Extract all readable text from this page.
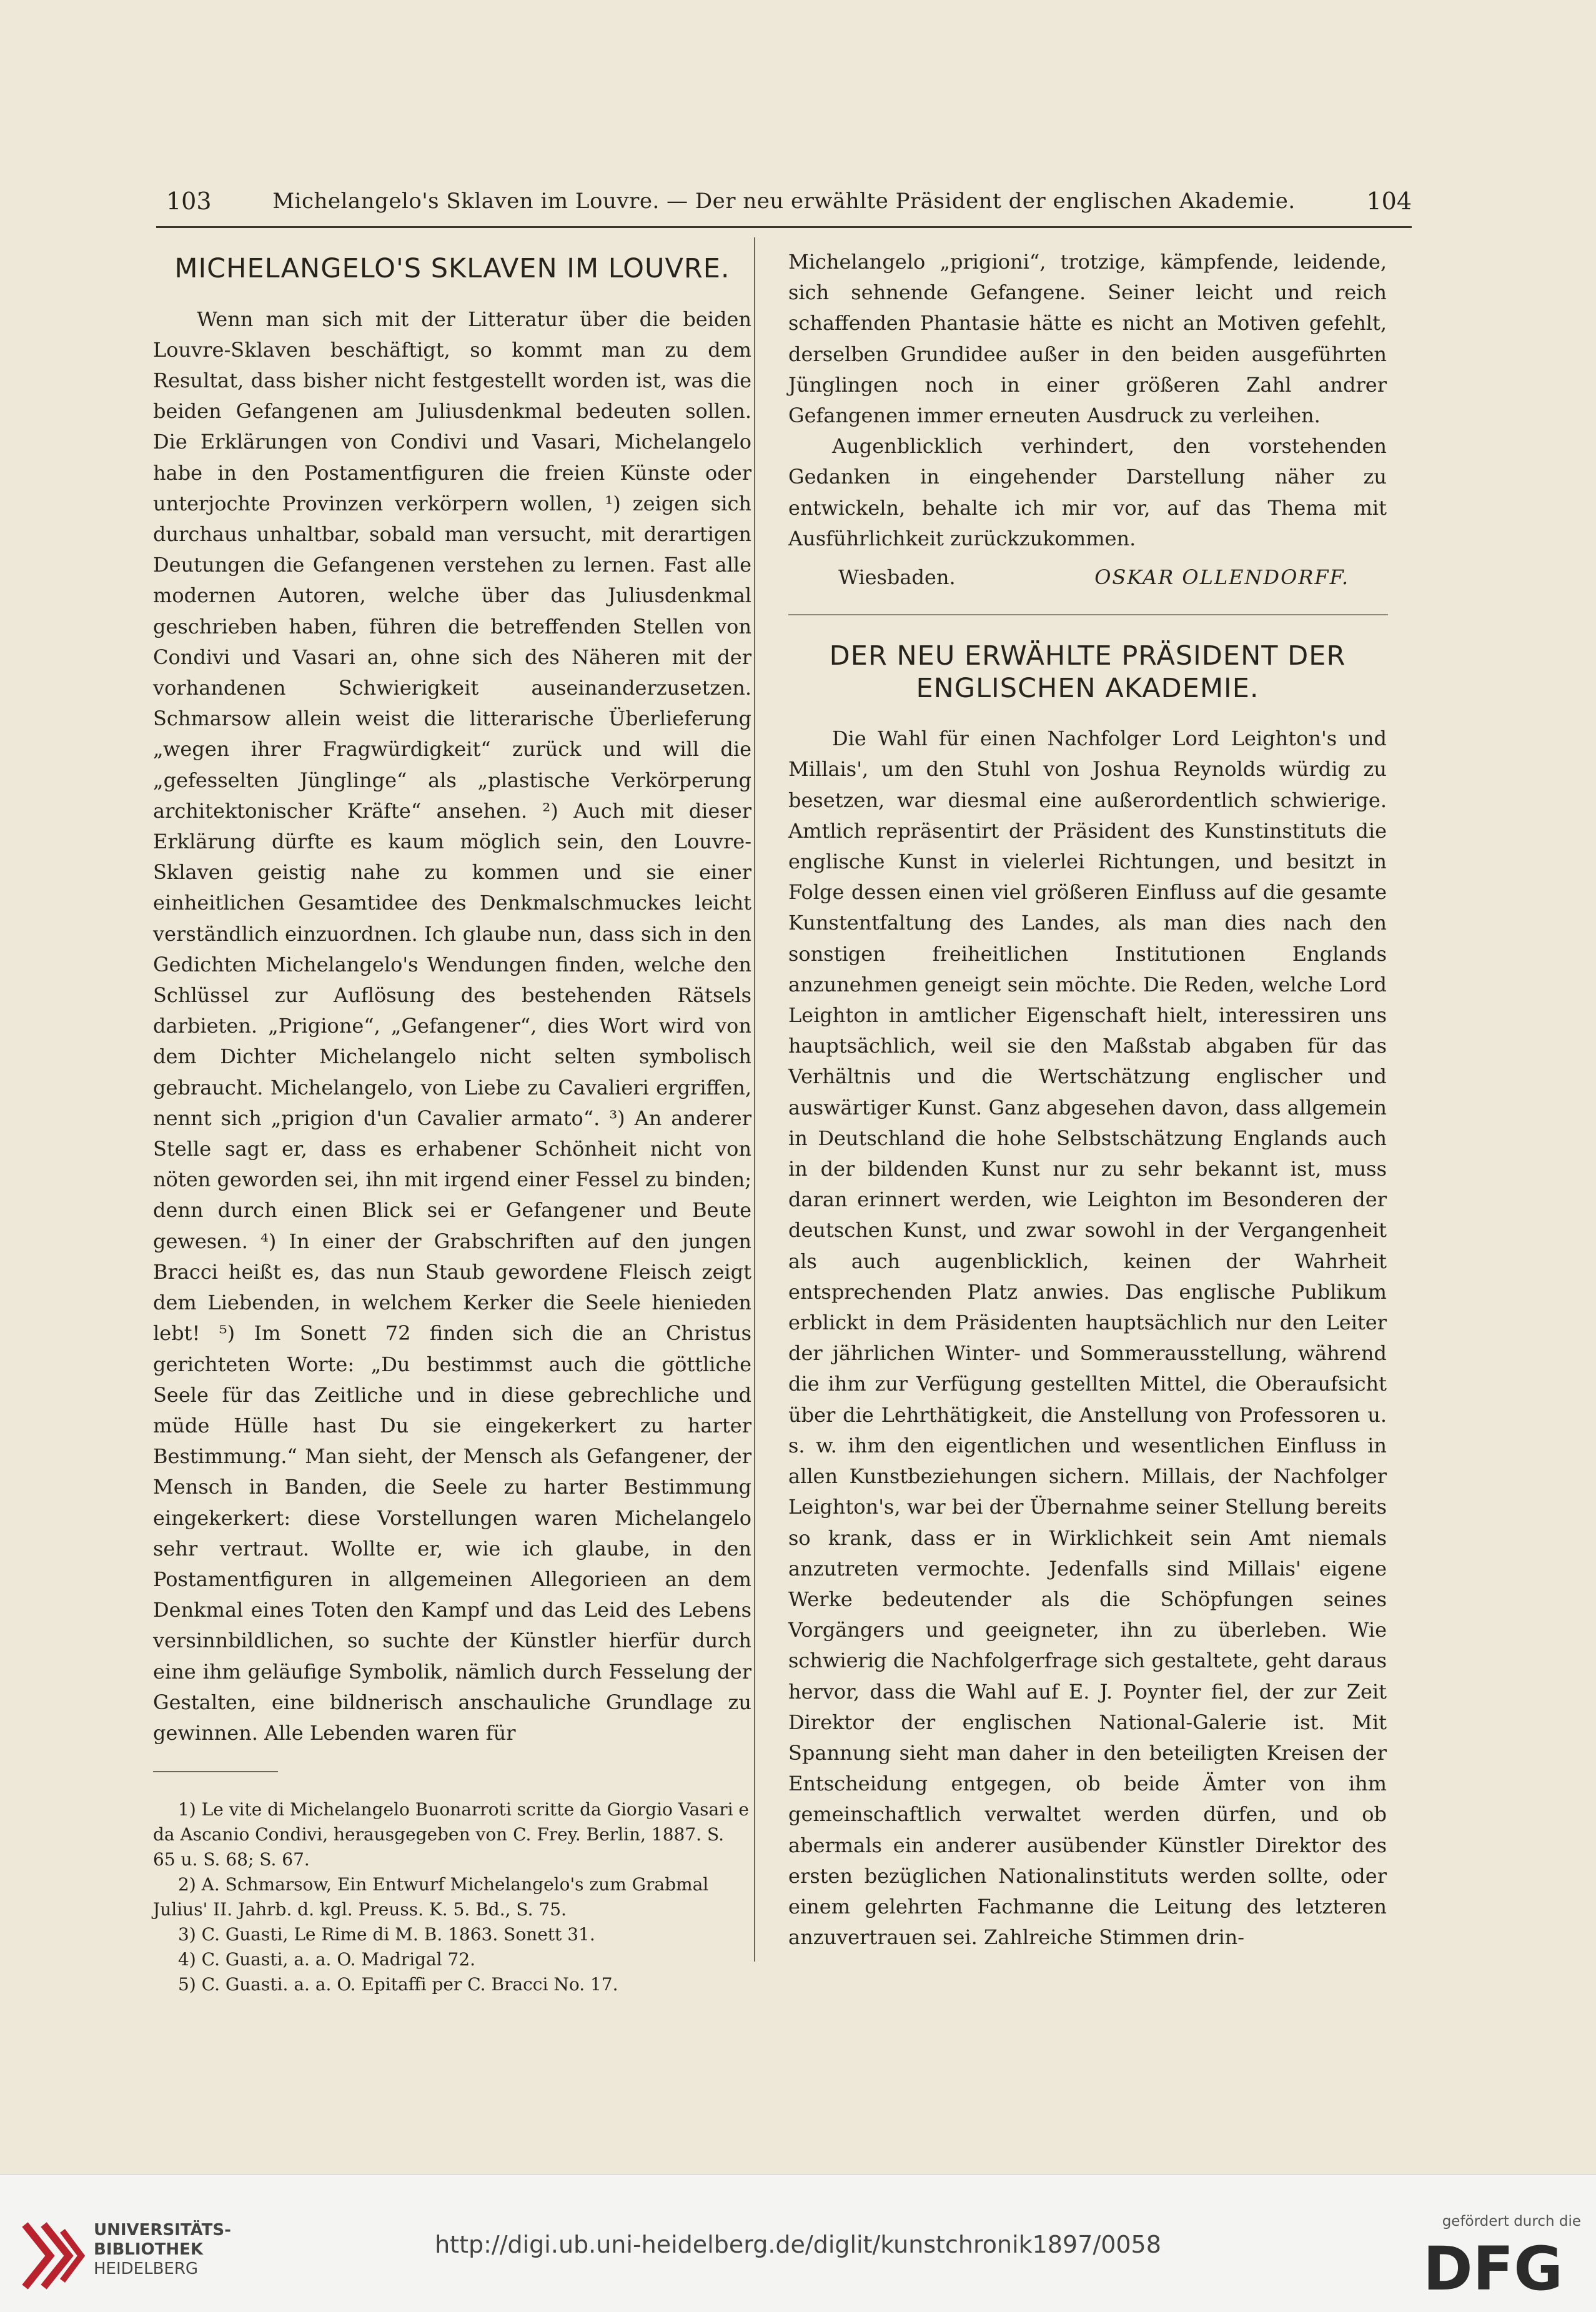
103	Michelangelo's Sklaven im Louvre. — Der neu erwählte Präsident der englischen Akademie.	104
MICHELANGELO'S SKLAVEN IM LOUVRE.

Wenn man sich mit der Litteratur über die beiden Louvre-Sklaven beschäftigt, so kommt man zu dem Resultat, dass bisher nicht festgestellt worden ist, was die beiden Gefangenen am Juliusdenkmal bedeuten sollen. Die Erklärungen von Condivi und Vasari, Michelangelo habe in den Postamentfiguren die freien Künste oder unterjochte Provinzen verkörpern wollen, ¹) zeigen sich durchaus unhaltbar, sobald man versucht, mit derartigen Deutungen die Gefangenen verstehen zu lernen. Fast alle modernen Autoren, welche über das Juliusdenkmal geschrieben haben, führen die betreffenden Stellen von Condivi und Vasari an, ohne sich des Näheren mit der vorhandenen Schwierigkeit auseinanderzusetzen. Schmarsow allein weist die litterarische Überlieferung „wegen ihrer Fragwürdigkeit“ zurück und will die „gefesselten Jünglinge“ als „plastische Verkörperung architektonischer Kräfte“ ansehen. ²) Auch mit dieser Erklärung dürfte es kaum möglich sein, den Louvre-Sklaven geistig nahe zu kommen und sie einer einheitlichen Gesamtidee des Denkmalschmuckes leicht verständlich einzuordnen. Ich glaube nun, dass sich in den Gedichten Michelangelo's Wendungen finden, welche den Schlüssel zur Auflösung des bestehenden Rätsels darbieten. „Prigione“, „Gefangener“, dies Wort wird von dem Dichter Michelangelo nicht selten symbolisch gebraucht. Michelangelo, von Liebe zu Cavalieri ergriffen, nennt sich „prigion d'un Cavalier armato“. ³) An anderer Stelle sagt er, dass es erhabener Schönheit nicht von nöten geworden sei, ihn mit irgend einer Fessel zu binden; denn durch einen Blick sei er Gefangener und Beute gewesen. ⁴) In einer der Grabschriften auf den jungen Bracci heißt es, das nun Staub gewordene Fleisch zeigt dem Liebenden, in welchem Kerker die Seele hienieden lebt! ⁵) Im Sonett 72 finden sich die an Christus gerichteten Worte: „Du bestimmst auch die göttliche Seele für das Zeitliche und in diese gebrechliche und müde Hülle hast Du sie eingekerkert zu harter Bestimmung.“ Man sieht, der Mensch als Gefangener, der Mensch in Banden, die Seele zu harter Bestimmung eingekerkert: diese Vorstellungen waren Michelangelo sehr vertraut. Wollte er, wie ich glaube, in den Postamentfiguren in allgemeinen Allegorieen an dem Denkmal eines Toten den Kampf und das Leid des Lebens versinnbildlichen, so suchte der Künstler hierfür durch eine ihm geläufige Symbolik, nämlich durch Fesselung der Gestalten, eine bildnerisch anschauliche Grundlage zu gewinnen. Alle Lebenden waren für

1) Le vite di Michelangelo Buonarroti scritte da Giorgio Vasari e da Ascanio Condivi, herausgegeben von C. Frey. Berlin, 1887. S. 65 u. S. 68; S. 67.

2) A. Schmarsow, Ein Entwurf Michelangelo's zum Grabmal Julius' II. Jahrb. d. kgl. Preuss. K. 5. Bd., S. 75.

3) C. Guasti, Le Rime di M. B. 1863. Sonett 31.

4) C. Guasti, a. a. O. Madrigal 72.

5) C. Guasti. a. a. O. Epitaffi per C. Bracci No. 17.

Michelangelo „prigioni“, trotzige, kämpfende, leidende, sich sehnende Gefangene. Seiner leicht und reich schaffenden Phantasie hätte es nicht an Motiven gefehlt, derselben Grundidee außer in den beiden ausgeführten Jünglingen noch in einer größeren Zahl andrer Gefangenen immer erneuten Ausdruck zu verleihen.

Augenblicklich verhindert, den vorstehenden Gedanken in eingehender Darstellung näher zu entwickeln, behalte ich mir vor, auf das Thema mit Ausführlichkeit zurückzukommen.

Wiesbaden.	OSKAR OLLENDORFF.
DER NEU ERWÄHLTE PRÄSIDENT DER ENGLISCHEN AKADEMIE.

Die Wahl für einen Nachfolger Lord Leighton's und Millais', um den Stuhl von Joshua Reynolds würdig zu besetzen, war diesmal eine außerordentlich schwierige. Amtlich repräsentirt der Präsident des Kunstinstituts die englische Kunst in vielerlei Richtungen, und besitzt in Folge dessen einen viel größeren Einfluss auf die gesamte Kunstentfaltung des Landes, als man dies nach den sonstigen freiheitlichen Institutionen Englands anzunehmen geneigt sein möchte. Die Reden, welche Lord Leighton in amtlicher Eigenschaft hielt, interessiren uns hauptsächlich, weil sie den Maßstab abgaben für das Verhältnis und die Wertschätzung englischer und auswärtiger Kunst. Ganz abgesehen davon, dass allgemein in Deutschland die hohe Selbstschätzung Englands auch in der bildenden Kunst nur zu sehr bekannt ist, muss daran erinnert werden, wie Leighton im Besonderen der deutschen Kunst, und zwar sowohl in der Vergangenheit als auch augenblicklich, keinen der Wahrheit entsprechenden Platz anwies. Das englische Publikum erblickt in dem Präsidenten hauptsächlich nur den Leiter der jährlichen Winter- und Sommerausstellung, während die ihm zur Verfügung gestellten Mittel, die Oberaufsicht über die Lehrthätigkeit, die Anstellung von Professoren u. s. w. ihm den eigentlichen und wesentlichen Einfluss in allen Kunstbeziehungen sichern. Millais, der Nachfolger Leighton's, war bei der Übernahme seiner Stellung bereits so krank, dass er in Wirklichkeit sein Amt niemals anzutreten vermochte. Jedenfalls sind Millais' eigene Werke bedeutender als die Schöpfungen seines Vorgängers und geeigneter, ihn zu überleben. Wie schwierig die Nachfolgerfrage sich gestaltete, geht daraus hervor, dass die Wahl auf E. J. Poynter fiel, der zur Zeit Direktor der englischen National-Galerie ist. Mit Spannung sieht man daher in den beteiligten Kreisen der Entscheidung entgegen, ob beide Ämter von ihm gemeinschaftlich verwaltet werden dürfen, und ob abermals ein anderer ausübender Künstler Direktor des ersten bezüglichen Nationalinstituts werden sollte, oder einem gelehrten Fachmanne die Leitung des letzteren anzuvertrauen sei. Zahlreiche Stimmen drin-

UNIVERSITÄTS-
BIBLIOTHEK
HEIDELBERG
http://digi.ub.uni-heidelberg.de/diglit/kunstchronik1897/0058
gefördert durch die
DFG
